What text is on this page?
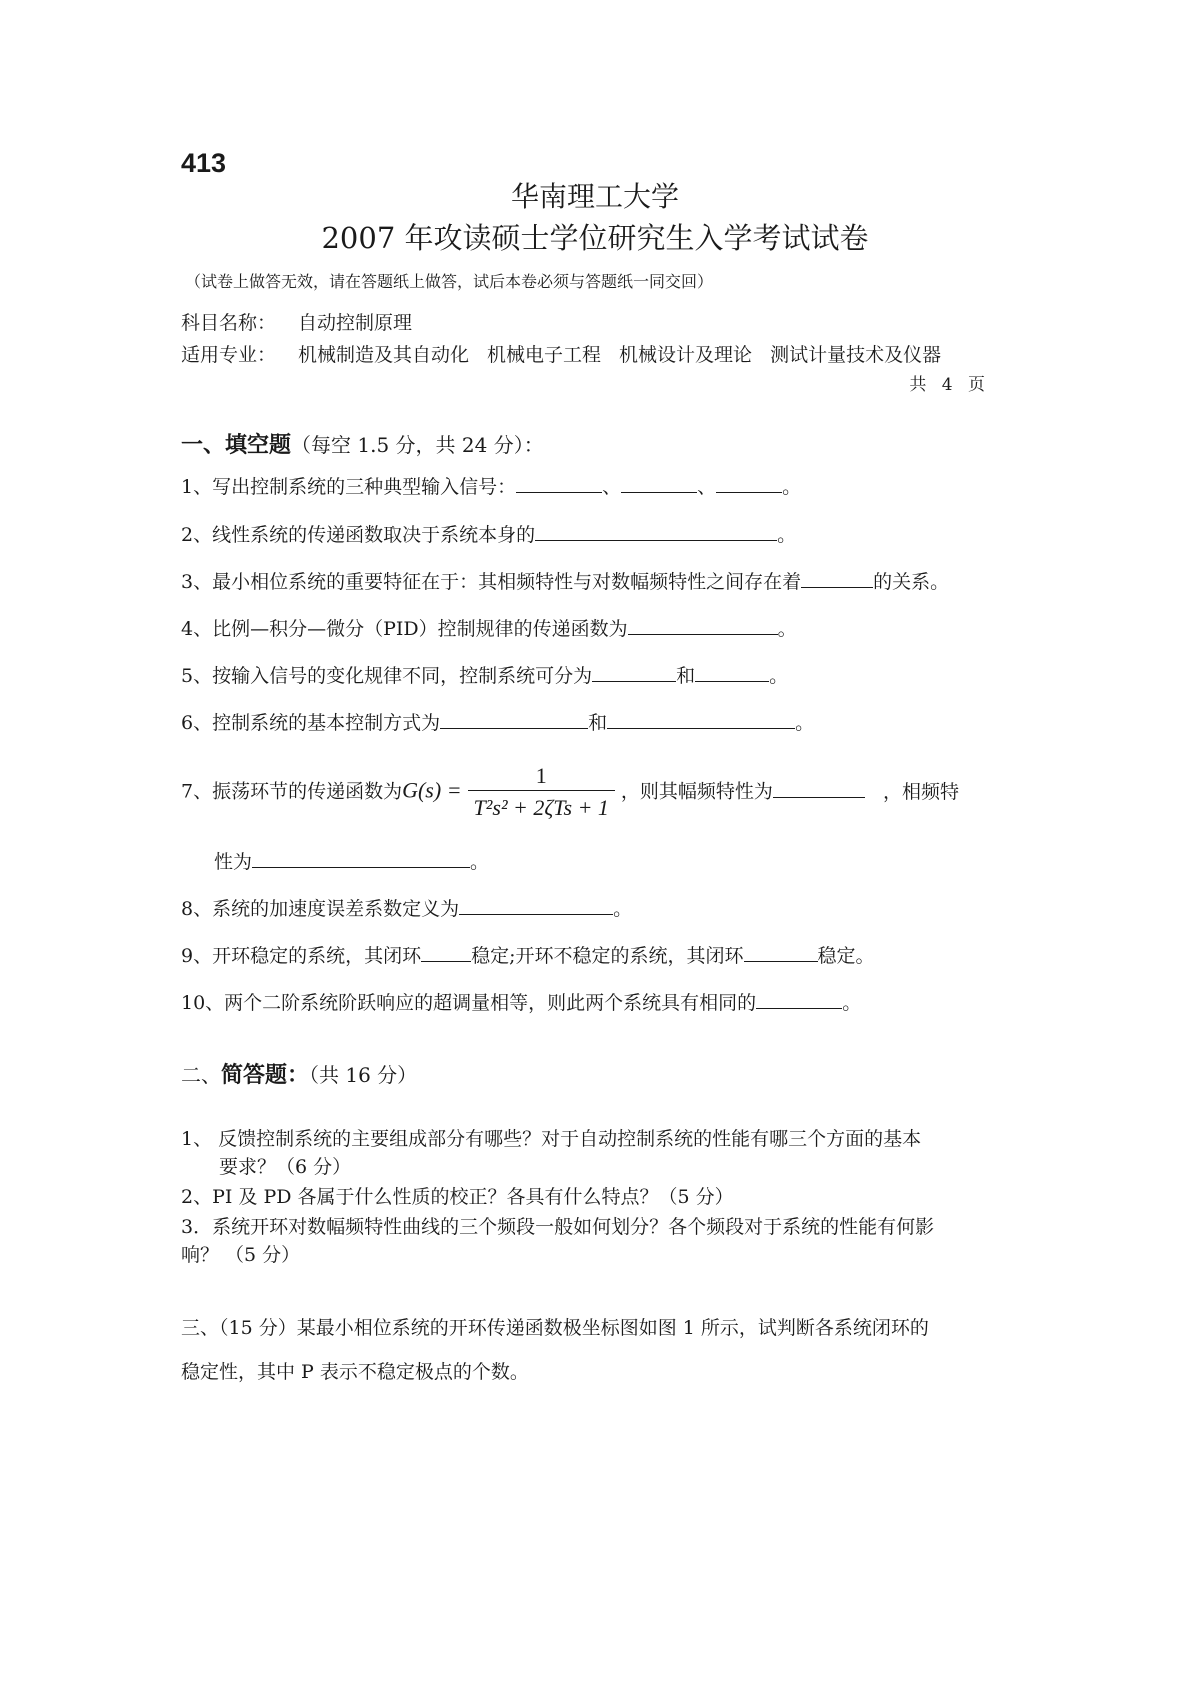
413
华南理工大学
2007 年攻读硕士学位研究生入学考试试卷
（试卷上做答无效，请在答题纸上做答，试后本卷必须与答题纸一同交回）
科目名称： 自动控制原理
适用专业： 机械制造及其自动化 机械电子工程 机械设计及理论 测试计量技术及仪器
共 4 页
一、填空题（每空 1.5 分，共 24 分）：
1、写出控制系统的三种典型输入信号：	、	、	。
2、线性系统的传递函数取决于系统本身的	。
3、最小相位系统的重要特征在于：其相频特性与对数幅频特性之间存在着	的关系。
4、比例—积分—微分（PID）控制规律的传递函数为	。
5、按输入信号的变化规律不同，控制系统可分为	和	。
6、控制系统的基本控制方式为	和	。
7、振荡环节的传递函数为$G(s) = \frac{1}{\text{T²s² + 2ζTs + 1}}$ ，则其幅频特性为	，相频特
性为	。
8、系统的加速度误差系数定义为	。
9、开环稳定的系统，其闭环	稳定;开环不稳定的系统，其闭环	稳定。
10、两个二阶系统阶跃响应的超调量相等，则此两个系统具有相同的	。
二、简答题：（共 16 分）
1、 反馈控制系统的主要组成部分有哪些？对于自动控制系统的性能有哪三个方面的基本
要求？（6 分）
2、PI 及 PD 各属于什么性质的校正？各具有什么特点？（5 分）
3．系统开环对数幅频特性曲线的三个频段一般如何划分？各个频段对于系统的性能有何影
响？ （5 分）
三、（15 分）某最小相位系统的开环传递函数极坐标图如图 1 所示，试判断各系统闭环的
稳定性，其中 P 表示不稳定极点的个数。
